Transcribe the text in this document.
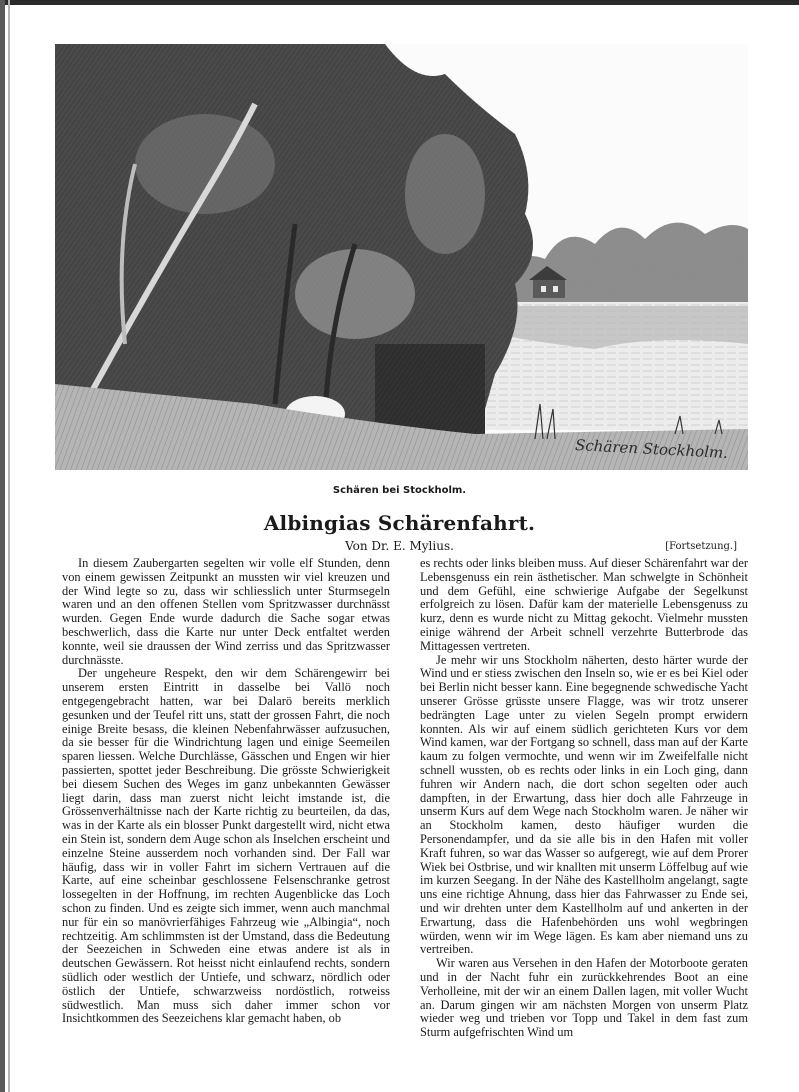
Schären Stockholm.
Schären bei Stockholm.
Albingias Schärenfahrt.
Von Dr. E. Mylius.	[Fortsetzung.]

In diesem Zaubergarten segelten wir volle elf Stunden, denn von einem gewissen Zeitpunkt an mussten wir viel kreuzen und der Wind legte so zu, dass wir schliesslich unter Sturmsegeln waren und an den offenen Stellen vom Spritzwasser durchnässt wurden. Gegen Ende wurde dadurch die Sache sogar etwas beschwerlich, dass die Karte nur unter Deck entfaltet werden konnte, weil sie draussen der Wind zerriss und das Spritzwasser durchnässte.

Der ungeheure Respekt, den wir dem Schärengewirr bei unserem ersten Eintritt in dasselbe bei Vallö noch entgegengebracht hatten, war bei Dalarö bereits merklich gesunken und der Teufel ritt uns, statt der grossen Fahrt, die noch einige Breite besass, die kleinen Nebenfahrwässer aufzusuchen, da sie besser für die Windrichtung lagen und einige Seemeilen sparen liessen. Welche Durchlässe, Gässchen und Engen wir hier passierten, spottet jeder Beschreibung. Die grösste Schwierigkeit bei diesem Suchen des Weges im ganz unbekannten Gewässer liegt darin, dass man zuerst nicht leicht imstande ist, die Grössenverhältnisse nach der Karte richtig zu beurteilen, da das, was in der Karte als ein blosser Punkt dargestellt wird, nicht etwa ein Stein ist, sondern dem Auge schon als Inselchen erscheint und einzelne Steine ausserdem noch vorhanden sind. Der Fall war häufig, dass wir in voller Fahrt im sichern Vertrauen auf die Karte, auf eine scheinbar geschlossene Felsenschranke getrost lossegelten in der Hoffnung, im rechten Augenblicke das Loch schon zu finden. Und es zeigte sich immer, wenn auch manchmal nur für ein so manövrierfähiges Fahrzeug wie „Albingia“, noch rechtzeitig. Am schlimmsten ist der Umstand, dass die Bedeutung der Seezeichen in Schweden eine etwas andere ist als in deutschen Gewässern. Rot heisst nicht einlaufend rechts, sondern südlich oder westlich der Untiefe, und schwarz, nördlich oder östlich der Untiefe, schwarzweiss nordöstlich, rotweiss südwestlich. Man muss sich daher immer schon vor Insichtkommen des Seezeichens klar gemacht haben, ob

es rechts oder links bleiben muss. Auf dieser Schärenfahrt war der Lebensgenuss ein rein ästhetischer. Man schwelgte in Schönheit und dem Gefühl, eine schwierige Aufgabe der Segelkunst erfolgreich zu lösen. Dafür kam der materielle Lebensgenuss zu kurz, denn es wurde nicht zu Mittag gekocht. Vielmehr mussten einige während der Arbeit schnell verzehrte Butterbrode das Mittagessen vertreten.

Je mehr wir uns Stockholm näherten, desto härter wurde der Wind und er stiess zwischen den Inseln so, wie er es bei Kiel oder bei Berlin nicht besser kann. Eine begegnende schwedische Yacht unserer Grösse grüsste unsere Flagge, was wir trotz unserer bedrängten Lage unter zu vielen Segeln prompt erwidern konnten. Als wir auf einem südlich gerichteten Kurs vor dem Wind kamen, war der Fortgang so schnell, dass man auf der Karte kaum zu folgen vermochte, und wenn wir im Zweifelfalle nicht schnell wussten, ob es rechts oder links in ein Loch ging, dann fuhren wir Andern nach, die dort schon segelten oder auch dampften, in der Erwartung, dass hier doch alle Fahrzeuge in unserm Kurs auf dem Wege nach Stockholm waren. Je näher wir an Stockholm kamen, desto häufiger wurden die Personendampfer, und da sie alle bis in den Hafen mit voller Kraft fuhren, so war das Wasser so aufgeregt, wie auf dem Prorer Wiek bei Ostbrise, und wir knallten mit unserm Löffelbug auf wie im kurzen Seegang. In der Nähe des Kastellholm angelangt, sagte uns eine richtige Ahnung, dass hier das Fahrwasser zu Ende sei, und wir drehten unter dem Kastellholm auf und ankerten in der Erwartung, dass die Hafenbehörden uns wohl wegbringen würden, wenn wir im Wege lägen. Es kam aber niemand uns zu vertreiben.

Wir waren aus Versehen in den Hafen der Motorboote geraten und in der Nacht fuhr ein zurückkehrendes Boot an eine Verholleine, mit der wir an einem Dallen lagen, mit voller Wucht an. Darum gingen wir am nächsten Morgen von unserm Platz wieder weg und trieben vor Topp und Takel in dem fast zum Sturm aufgefrischten Wind um
